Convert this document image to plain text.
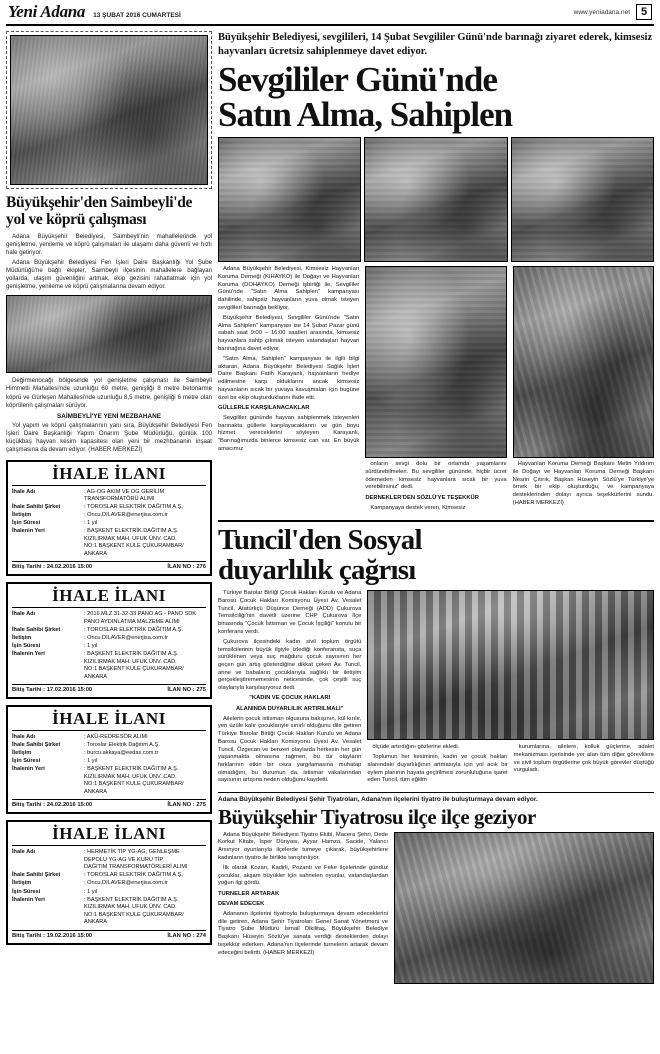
Yeni Adana 13 ŞUBAT 2016 CUMARTESİ	www.yeniadana.net 5
Büyükşehir'den Saimbeyli'de yol ve köprü çalışması

Adana Büyükşehir Belediyesi, Saimbeyli'nin mahallelerinde yol genişletme, yenileme ve köprü çalışmaları ile ulaşamı daha güvenli ve hızlı hale getiriyor.

Adana Büyükşehir Belediyesi Fen İşleri Daire Başkanlığı Yol Şube Müdürlüğü'ne bağlı ekipler, Saimbeyli ilçesinin mahallelere bağlayan yollarda, ulaşım güvenliğini artmak, ekip gezisini rahatlatmak için yol genişletme, yenileme ve köprü çalışmalarına devam ediyor.

Değirmenocağı bölgesinde yol genişletme çalışması ile Saimbeyli Himmetli Mahallesi'nde uzunluğu 60 metre, genişliği 8 metre betonarme köprü ve Gürleşen Mahallesi'nde uzunluğu 8,5 metre, genişliği 6 metre olan köprülerin çalışmaları sürüyor.

SAİMBEYLİ'YE YENİ MEZBAHANE

Yol yapım ve köprü çalışmalarının yanı sıra, Büyükşehir Belediyesi Fen İşleri Daire Başkanlığı Yapım Onarım Şube Müdürlüğü, günlük 100 küçükbaş hayvan kesim kapasitesi olan yeni bir mezhbananin inşaat çalışmasına da devam ediyor. (HABER MERKEZİ)

İHALE İLANI
İhale Adı	: AG-OG AKIM VE OG GERİLİM
TRANSFORMATÖRÜ ALIMI
İhale Sahibi Şirket	: TOROSLAR ELEKTRİK DAĞITIM A.Ş.
İletişim	: Oncu.DILAVER@enerjisa.com.tr
İşin Süresi	: 1 yıl
İhalenin Yeri	: BAŞKENT ELEKTRİK DAĞITIM A.Ş.
KIZILIRMAK MAH. UFUK ÜNV. CAD.
NO:1 BAŞKENT KULE ÇUKURAMBAR/
ANKARA
Bitiş Tarihi : 24.02.2016 15:00	İLAN NO : 276
İHALE İLANI
İhale Adı	: 2016.MLZ.31-32-33 PANO AG - PANO SDK
PANO AYDINLATMA MALZEME ALIMI
İhale Sahibi Şirket	: TOROSLAR ELEKTRİK DAĞITIM A.Ş.
İletişim	: Oncu.DILAVER@enerjisa.com.tr
İşin Süresi	: 1 yıl
İhalenin Yeri	: BAŞKENT ELEKTRİK DAĞITIM A.Ş.
KIZILIRMAK MAH. UFUK ÜNV. CAD.
NO:1 BAŞKENT KULE ÇUKURAMBAR/
ANKARA
Bitiş Tarihi : 17.02.2016 15:00	İLAN NO : 275
İHALE İLANI
İhale Adı	: AKÜ-REDRESÖR ALIMI
İhale Sahibi Şirket	: Toroslar Elektrik Dağıtım A.Ş.
İletişim	: burcu.akkaya@eedas.com.tr
İşin Süresi	: 1 yıl
İhalenin Yeri	: BAŞKENT ELEKTRİK DAĞITIM A.Ş.
KIZILIRMAK MAH. UFUK ÜNV. CAD.
NO:1 BAŞKENT KULE ÇUKURAMBAR/
ANKARA
Bitiş Tarihi : 24.02.2016 15:00	İLAN NO : 275
İHALE İLANI
İhale Adı	: HERMETİK TİP YG-AG, GENLEŞME
DEPOLU YG-AG VE KURU TİP
DAĞITIM TRANSFORMATÖRLERİ ALIMI
İhale Sahibi Şirket	: TOROSLAR ELEKTRİK DAĞITIM A.Ş.
İletişim	: Oncu.DILAVER@enerjisa.com.tr
İşin Süresi	: 1 yıl
İhalenin Yeri	: BAŞKENT ELEKTRİK DAĞITIM A.Ş.
KIZILIRMAK MAH. UFUK ÜNV. CAD.
NO:1 BAŞKENT KULE ÇUKURAMBAR/
ANKARA
Bitiş Tarihi : 19.02.2016 15:00	İLAN NO : 274
Büyükşehir Belediyesi, sevgilileri, 14 Şubat Sevgililer Günü'nde barınağı ziyaret ederek, kimsesiz hayvanları ücretsiz sahiplenmeye davet ediyor.
Sevgililer Günü'nde
Satın Alma, Sahiplen

Adana Büyükşehir Belediyesi, Kimsesiz Hayvanları Koruma Derneği (KIHAYKO) ile Doğayı ve Hayvanları Koruma (DOHAYKO) Derneği işbirliği ile, Sevgililer Günü'nde "Satın Alma Sahiplen" kampanyası dahilinde, sahipsiz hayvanların yuva olmak isteyen sevgilileri barınağa bekliyor.

Büyükşehir Belediyesi, Sevgililer Günü'nde "Satın Alma Sahiplen" kampanyası ise 14 Şubat Pazar günü sabah saat 9:00 – 16:00 saatleri arasında, kimsesiz hayvanlara sahip çıkmak isteyen vatandaşları hayvan barınağına davet ediyor.

"Satın Alma, Sahiplen" kampanyası ile ilgili bilgi aktaran, Adana Büyükşehir Belediyesi Sağlık İşleri Daire Başkanı Fatih Karayanlı, hayvanların hediye edilmesine karşı olduklarını ancak kimsesiz hayvanların sıcak bir yuvaya kavuşmaları için bugüne özel bir ekip oluşturduklarını ifade etti.

GÜLLERLE KARŞILANACAKLAR

Sevgililer gününde hayvan sahiplenmek isteyenleri barınakta güllerle karşılayacaklarını ve gün boyu hizmet vereceklerini söyleyen Karayanlı, "Barınağımızda binlerce kimsesiz can var. En büyük amacımız

onların sevgi dolu bir ortamda yaşamlarını sürdürebilmeleri. Bu sevgililer gününde, hiçbir ücret ödemeden kimsesiz hayvanlara sıcak bir yuva verebilirsiniz" dedi.

DERNEKLER'DEN SÖZLÜ'YE TEŞEKKÜR

Kampanyaya destek veren, Kimsesiz

Hayvanları Koruma Derneği Başkanı Metin Yıldırım ile Doğayı ve Hayvanları Koruma Derneği Başkanı Nesrin Çıtırık, Başkan Hüseyin Sözlü'ye Türkiye'ye örnek bir ekip oluşturduğu, ve kampanyaya desteklerinden dolayı ayrıca teşekkürlerini sundu. (HABER MERKEZİ)

Tuncil'den Sosyal
duyarlılık çağrısı

Türkiye Barolar Birliği Çocuk Hakları Kurulu ve Adana Barosu Çocuk Hakları Komisyonu Üyesi Av. Vesalet Tuncil, Atatürkçü Düşünce Derneği (ADD) Çukurova Temsilciliği'nin davetli üzerine CHP Çukurova İlçe binasında "Çocuk İstismarı ve Çocuk İşçiliği" konulu bir konferans verdi.

Çukurova ilçesindeki kadın sivil toplum örgütü temsilcilerinin büyük ilgiyle izlediği konferansta, suça sürüklenen veya suç mağduru çocuk sayısının her geçen gün artış gösterdiğine dikkat çeken Av. Tuncil, anne ve babaların çocuklarıyla sağlıklı bir iletişim gerçekleştirememesinin neticesinde, çok çeşitli suç olaylarıyla karşılaşıyoruz dedi.

"KADIN VE ÇOCUK HAKLARI

ALANINDA DUYARLILIK ARTIRILMALI"

Ailelerin çocuk istismarı olgusuna bakışının, kül kırılır, yen üzüle kalır çocuklarıyle sınırlı olduğunu dile getiren Türkiye Barolar Birliği Çocuk Hakları Kurulu ve Adana Barosu Çocuk Hakları Komisyonu Üyesi Av. Vesalet Tuncil, Özgecan ve benzeri olaylarda herkesin her gün yaşanmakta olmasına rağmen, bu tür olayların farklarının etkin bir ceza yargılamasına muhatap olmadığını, bu durumun da, istismar vakalarından sayısının artışına neden olduğunu kaydetti.

ölçüde artırdığını gözlerine ekledi.

Toplumun her kesiminin, kadın ve çocuk hakları alanındaki duyarlılığının artmasıyla için yol acık bir eylem planının hayata geçirilmesi zorunluluğuna işaret eden Tuncil, tüm eğitim

kurumlarına, ailelere, kolluk güçlerine, adalet mekanizması içerisinde yer alan tüm diğer görevlilere ve sivil toplum örgütlerine çok büyük görevler düştüğü vurguladı.

Adana Büyükşehir Belediyesi Şehir Tiyatroları, Adana'nın ilçelerini tiyatro ile buluşturmaya devam ediyor.
Büyükşehir Tiyatrosu ilçe ilçe geziyor

Adana Büyükşehir Belediyesi Tiyatro Ekibi, Macera Şehri, Dede Korkut Kitabı, İsper Dünyası, Ayyar Hamza, Sacide, Yalancı Arsınyor oyunlarıyla ilçelerde tumeye çıkarak, büyükşehirlere kadınların tiyatro ile birlikte tanıştırılıyor.

İlk olarak Kozan, Kadirli, Pozantı ve Feke ilçelerinde gündüz çocuklar, akşam büyükler için sahnelen oyunlar, vatandaşlardan yoğun ilgi gördü.

TURNELER ARTARAK

DEVAM EDECEK

Adananın ilçelerini tiyatroyla buluşturmaya devam edeceklerini dile getiren, Adana Şehir Tiyatroları Genel Sanat Yönetmeni ve Tiyatro Şube Müdürü İsmail Dikilitaş, Büyükşehir Belediye Başkanı Hüseyin Sözlü'ye sanata verdiği desteklerden dolayı teşekkür ederken, Adana'nın ilçelerinde turnelerin artarak devam edeceğini belirtti. (HABER MERKEZİ)
